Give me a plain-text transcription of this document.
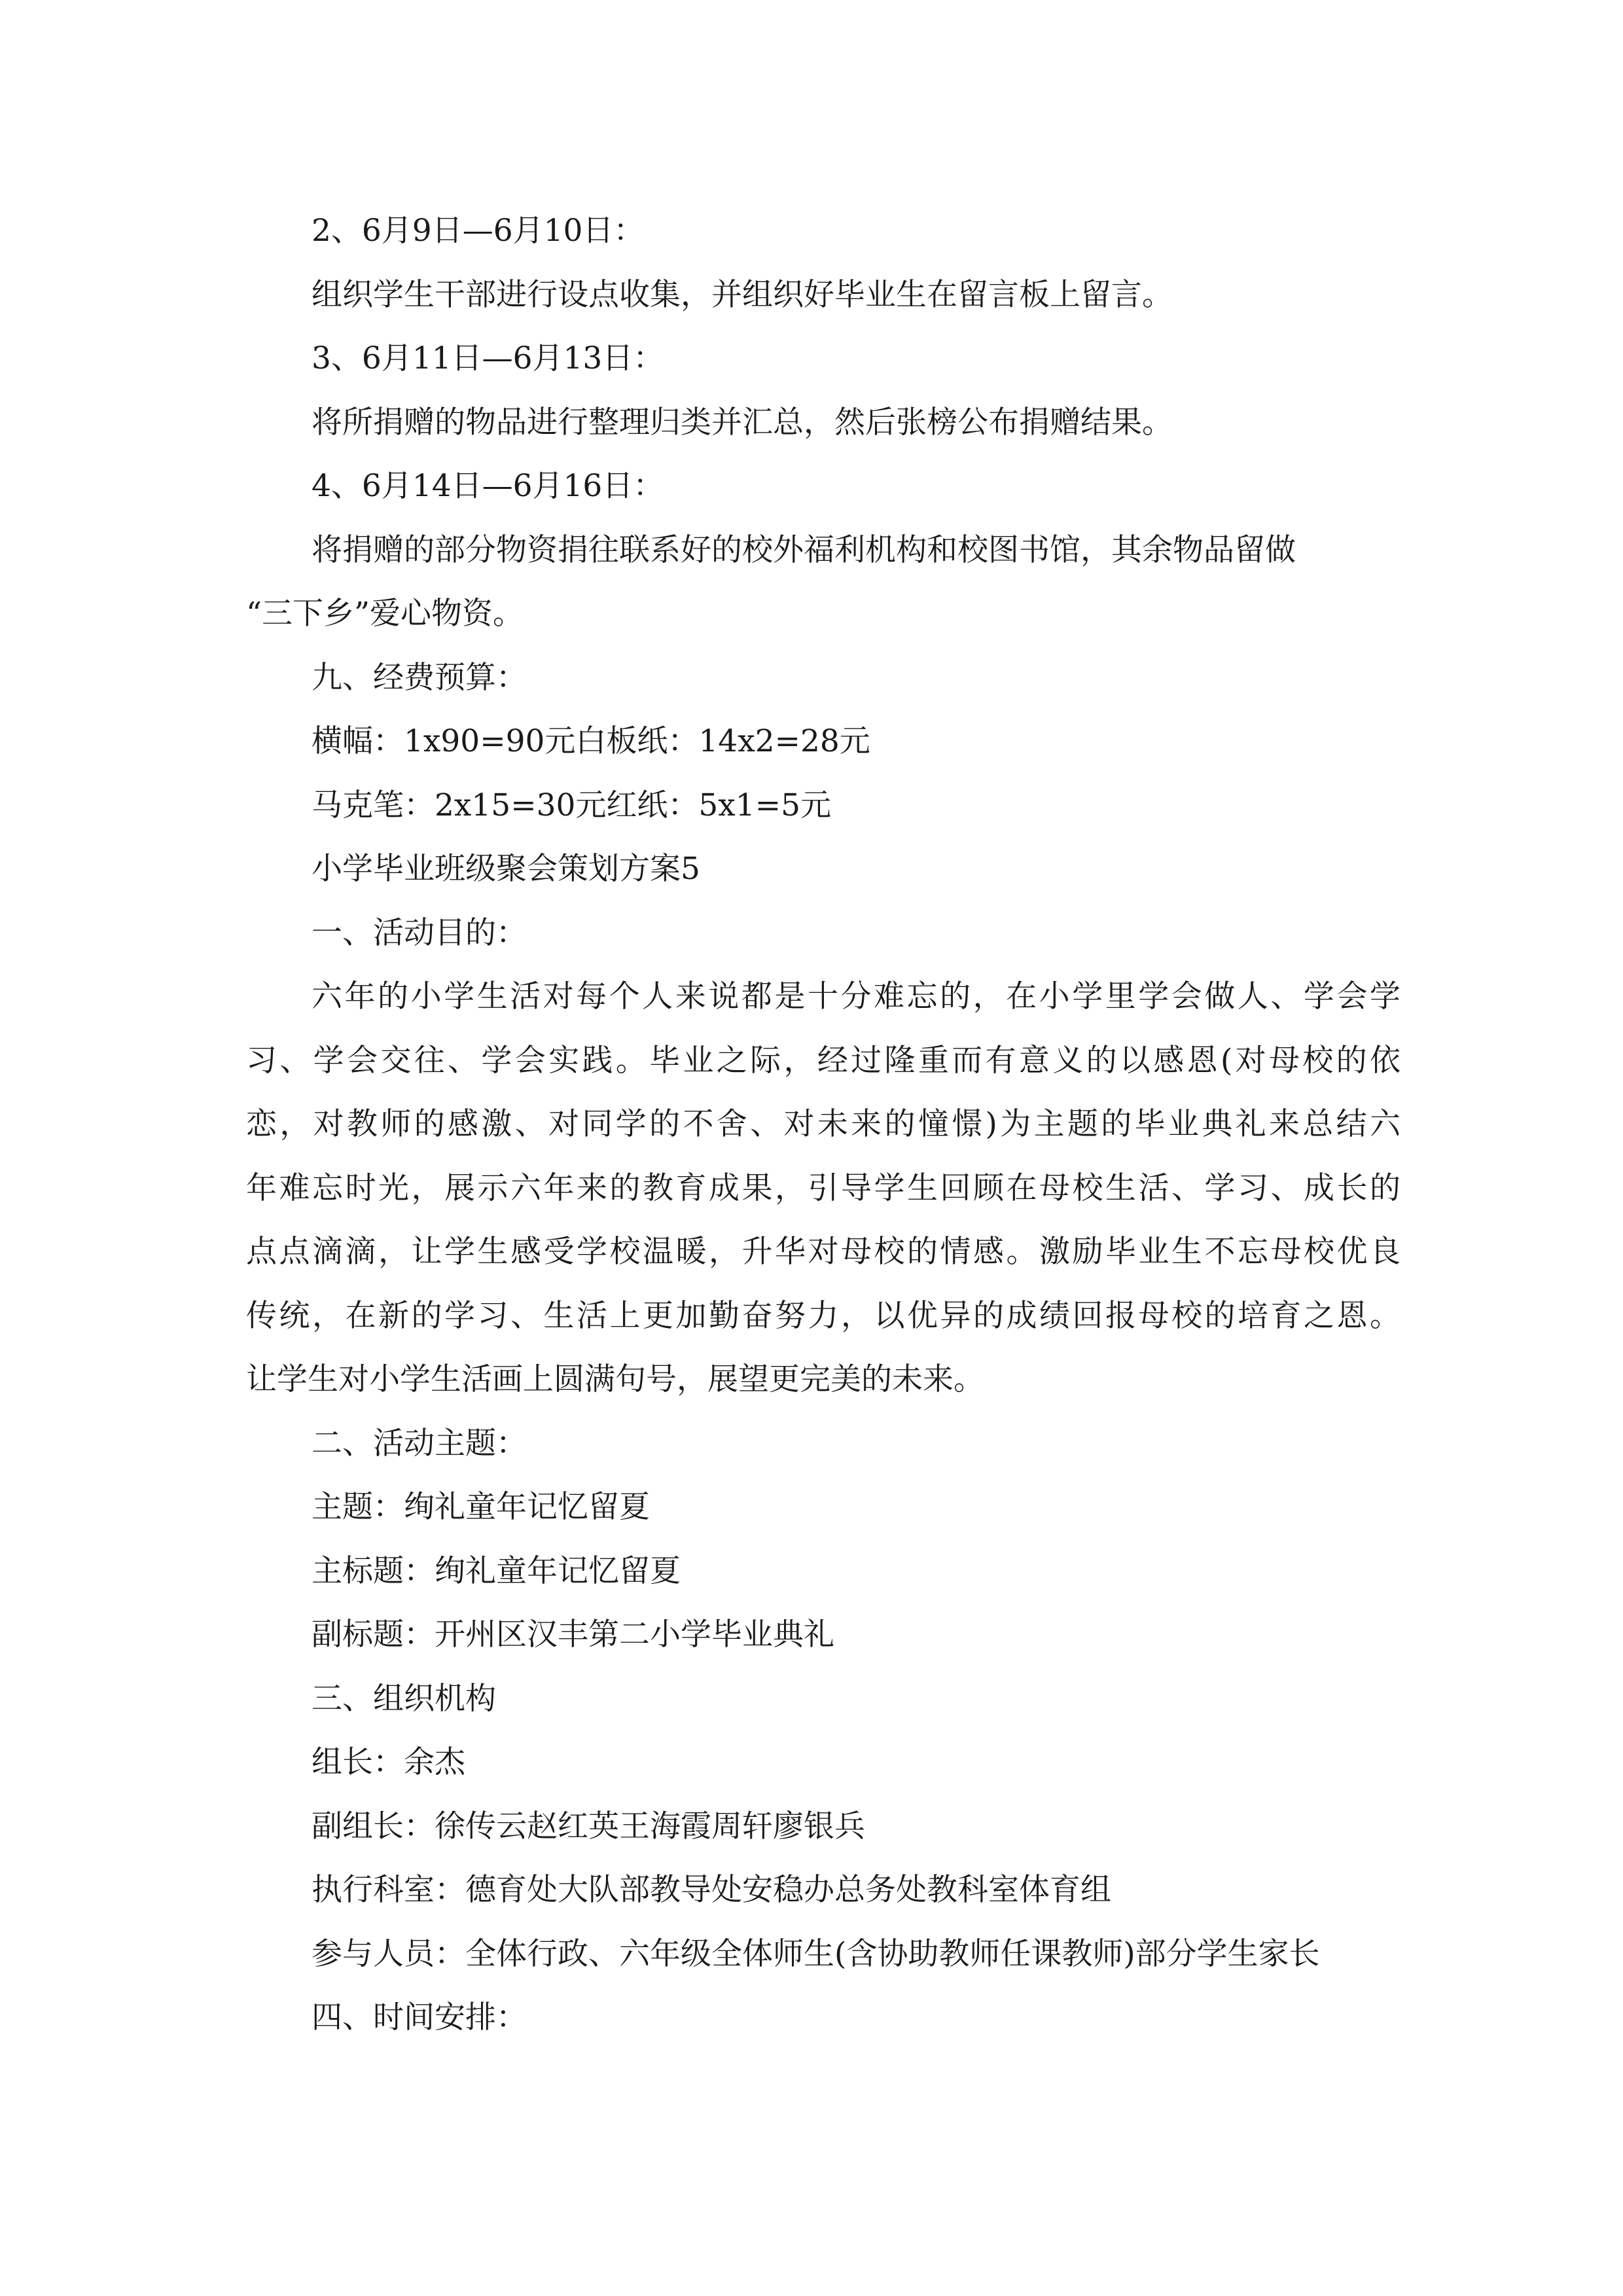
2、6月9日—6月10日：
组织学生干部进行设点收集，并组织好毕业生在留言板上留言。
3、6月11日—6月13日：
将所捐赠的物品进行整理归类并汇总，然后张榜公布捐赠结果。
4、6月14日—6月16日：
将捐赠的部分物资捐往联系好的校外福利机构和校图书馆，其余物品留做
“三下乡”爱心物资。
九、经费预算：
横幅：1x90=90元白板纸：14x2=28元
马克笔：2x15=30元红纸：5x1=5元
小学毕业班级聚会策划方案5
一、活动目的：
六年的小学生活对每个人来说都是十分难忘的，在小学里学会做人、学会学
习、学会交往、学会实践。毕业之际，经过隆重而有意义的以感恩(对母校的依
恋，对教师的感激、对同学的不舍、对未来的憧憬)为主题的毕业典礼来总结六
年难忘时光，展示六年来的教育成果，引导学生回顾在母校生活、学习、成长的
点点滴滴，让学生感受学校温暖，升华对母校的情感。激励毕业生不忘母校优良
传统，在新的学习、生活上更加勤奋努力，以优异的成绩回报母校的培育之恩。
让学生对小学生活画上圆满句号，展望更完美的未来。
二、活动主题：
主题：绚礼童年记忆留夏
主标题：绚礼童年记忆留夏
副标题：开州区汉丰第二小学毕业典礼
三、组织机构
组长：余杰
副组长：徐传云赵红英王海霞周轩廖银兵
执行科室：德育处大队部教导处安稳办总务处教科室体育组
参与人员：全体行政、六年级全体师生(含协助教师任课教师)部分学生家长
四、时间安排：
